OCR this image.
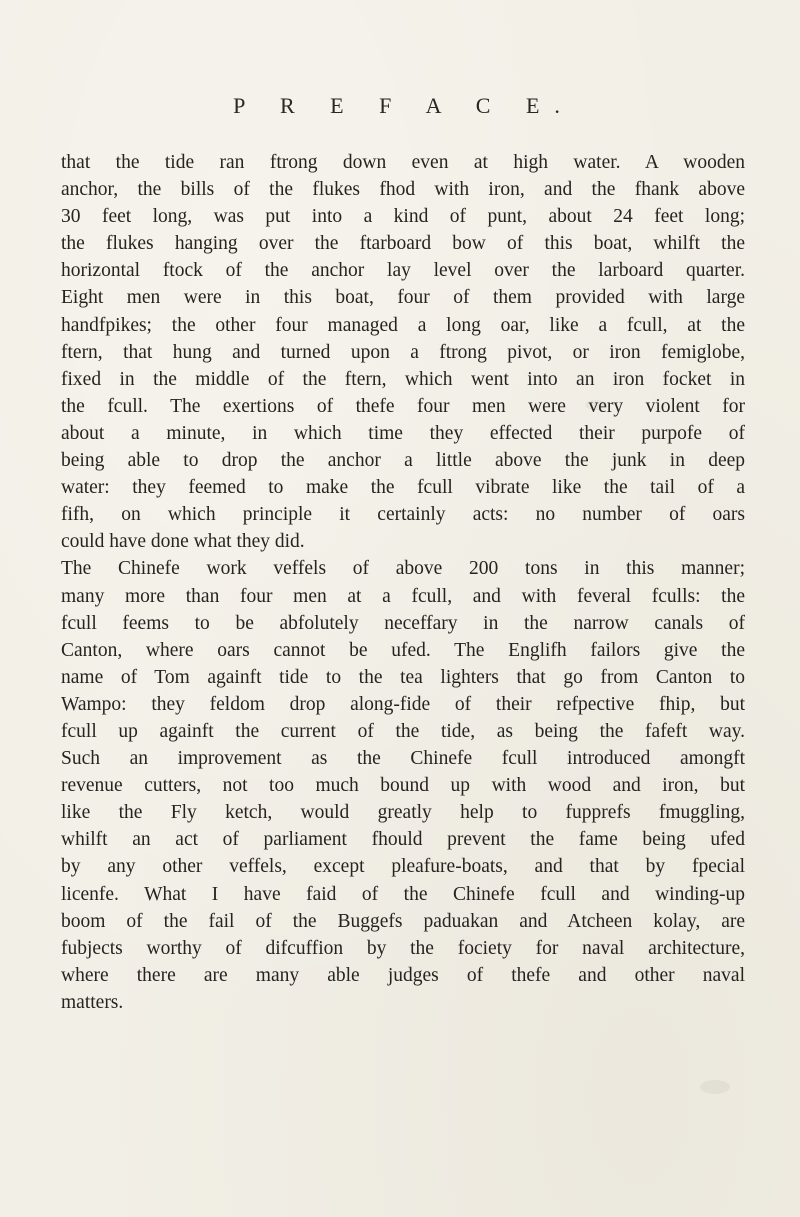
P R E F A C E.
that the tide ran ftrong down even at high water. A wooden
anchor, the bills of the flukes fhod with iron, and the fhank above
30 feet long, was put into a kind of punt, about 24 feet long;
the flukes hanging over the ftarboard bow of this boat, whilft the
horizontal ftock of the anchor lay level over the larboard quarter.
Eight men were in this boat, four of them provided with large
handfpikes; the other four managed a long oar, like a fcull, at the
ftern, that hung and turned upon a ftrong pivot, or iron femiglobe,
fixed in the middle of the ftern, which went into an iron focket in
the fcull. The exertions of thefe four men were very violent for
about a minute, in which time they effected their purpofe of
being able to drop the anchor a little above the junk in deep
water: they feemed to make the fcull vibrate like the tail of a
fifh, on which principle it certainly acts: no number of oars
could have done what they did.
The Chinefe work veffels of above 200 tons in this manner;
many more than four men at a fcull, and with feveral fculls: the
fcull feems to be abfolutely neceffary in the narrow canals of
Canton, where oars cannot be ufed. The Englifh failors give the
name of Tom againft tide to the tea lighters that go from Canton to
Wampo: they feldom drop along-fide of their refpective fhip, but
fcull up againft the current of the tide, as being the fafeft way.
Such an improvement as the Chinefe fcull introduced amongft
revenue cutters, not too much bound up with wood and iron, but
like the Fly ketch, would greatly help to fupprefs fmuggling,
whilft an act of parliament fhould prevent the fame being ufed
by any other veffels, except pleafure-boats, and that by fpecial
licenfe. What I have faid of the Chinefe fcull and winding-up
boom of the fail of the Buggefs paduakan and Atcheen kolay, are
fubjects worthy of difcuffion by the fociety for naval architecture,
where there are many able judges of thefe and other naval
matters.
